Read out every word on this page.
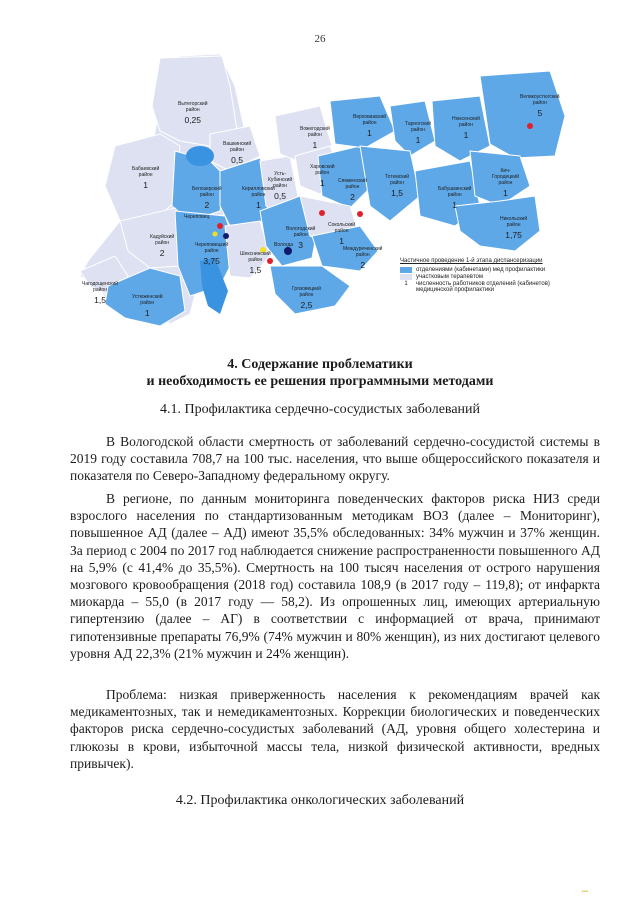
26
Вытегорский
район
0,25
Вашкинский
район
0,5
Бабаевский
район
1	Белозерский
район
2
Кирилловский
район
1
Усть-
Кубинский
район
0,5
Вожегодский
район
1
Харовский
район
1
Верховажский
район
1
Тарногский
район
1
Нюксенский
район
1
Великоустюгский
район
5
Сямженский
район
2
Тотемский
район
1,5
Кич-
Городецкий
район
1
Бабушкинский
район
1
Никольский
район
1,75
Сокольский
район
1
Междуреченский
район
2
Вологодский
район
3
Кадуйский
район
2
Череповецкий
район
3,75
Чагодощенский
район
1,5	Устюженский
район
1
Шекснинский
район
1,5
Грязовецкий
район
2,5
Череповец
Вологда
Частичное проведение 1-й этапа диспансеризации
отделениями (кабинетами) мед профилактики
участковым терапевтом
1	численность работников отделений (кабинетов)
медицинской профилактики
4. Содержание проблематики
и необходимость ее решения программными методами
4.1. Профилактика сердечно-сосудистых заболеваний

В Вологодской области смертность от заболеваний сердечно-сосудистой системы в 2019 году составила 708,7 на 100 тыс. населения, что выше общероссийского показателя и показателя по Северо-Западному федеральному округу.

В регионе, по данным мониторинга поведенческих факторов риска НИЗ среди взрослого населения по стандартизованным методикам ВОЗ (далее – Мониторинг), повышенное АД (далее – АД) имеют 35,5% обследованных: 34% мужчин и 37% женщин. За период с 2004 по 2017 год наблюдается снижение распространенности повышенного АД на 5,9% (с 41,4% до 35,5%). Смертность на 100 тысяч населения от острого нарушения мозгового кровообращения (2018 год) составила 108,9 (в 2017 году – 119,8); от инфаркта миокарда – 55,0 (в 2017 году — 58,2). Из опрошенных лиц, имеющих артериальную гипертензию (далее – АГ) в соответствии с информацией от врача, принимают гипотензивные препараты 76,9% (74% мужчин и 80% женщин), из них достигают целевого уровня АД 22,3% (21% мужчин и 24% женщин).

Проблема: низкая приверженность населения к рекомендациям врачей как медикаментозных, так и немедикаментозных. Коррекции биологических и поведенческих факторов риска сердечно-сосудистых заболеваний (АД, уровня общего холестерина и глюкозы в крови, избыточной массы тела, низкой физической активности, вредных привычек).

4.2. Профилактика онкологических заболеваний
▪▪▪
